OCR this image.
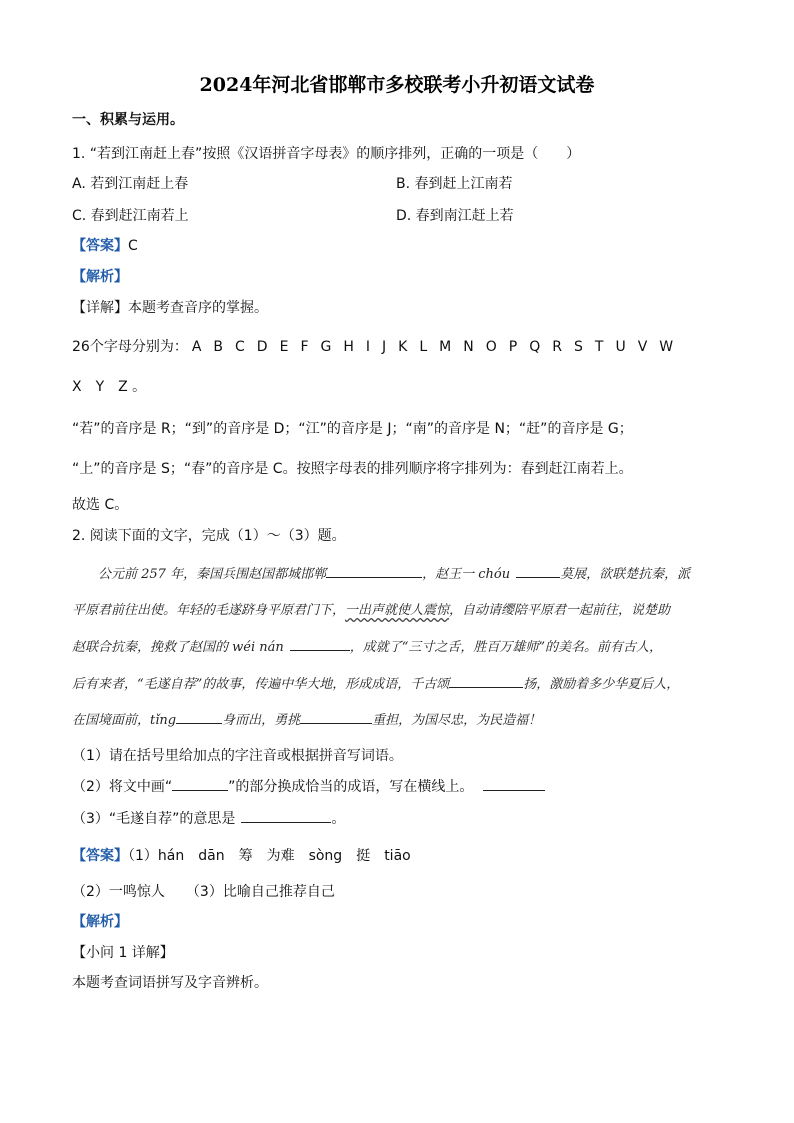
2024年河北省邯郸市多校联考小升初语文试卷
一、积累与运用。
1. “若到江南赶上春”按照《汉语拼音字母表》的顺序排列，正确的一项是（　　）
A. 若到江南赶上春	B. 春到赶上江南若
C. 春到赶江南若上	D. 春到南江赶上若
【答案】C
【解析】
【详解】本题考查音序的掌握。
26个字母分别为： A B C D E F G H I J K L M N O P Q R S T U V W
X　Y　Z 。
“若”的音序是 R；“到”的音序是 D；“江”的音序是 J；“南”的音序是 N；“赶”的音序是 G；
“上”的音序是 S；“春”的音序是 C。按照字母表的排列顺序将字排列为：春到赶江南若上。
故选 C。
2. 阅读下面的文字，完成（1）～（3）题。
公元前 257 年，秦国兵围赵国都城邯郸	，赵王一 chóu	莫展，欲联楚抗秦，派
平原君前往出使。年轻的毛遂跻身平原君门下，一出声就使人震惊，自动请缨陪平原君一起前往，说楚助
赵联合抗秦，挽救了赵国的 wéi nán	，成就了“三寸之舌，胜百万雄师”的美名。前有古人，
后有来者，“毛遂自荐”的故事，传遍中华大地，形成成语，千古颂	扬，激励着多少华夏后人，
在国境面前，tǐng	身而出，勇挑	重担，为国尽忠，为民造福！
（1）请在括号里给加点的字注音或根据拼音写词语。
（2）将文中画“	”的部分换成恰当的成语，写在横线上。
（3）“毛遂自荐”的意思是	。
【答案】（1）hán　dān　筹　为难　sòng　挺　tiāo
（2）一鸣惊人　　（3）比喻自己推荐自己
【解析】
【小问 1 详解】
本题考查词语拼写及字音辨析。
